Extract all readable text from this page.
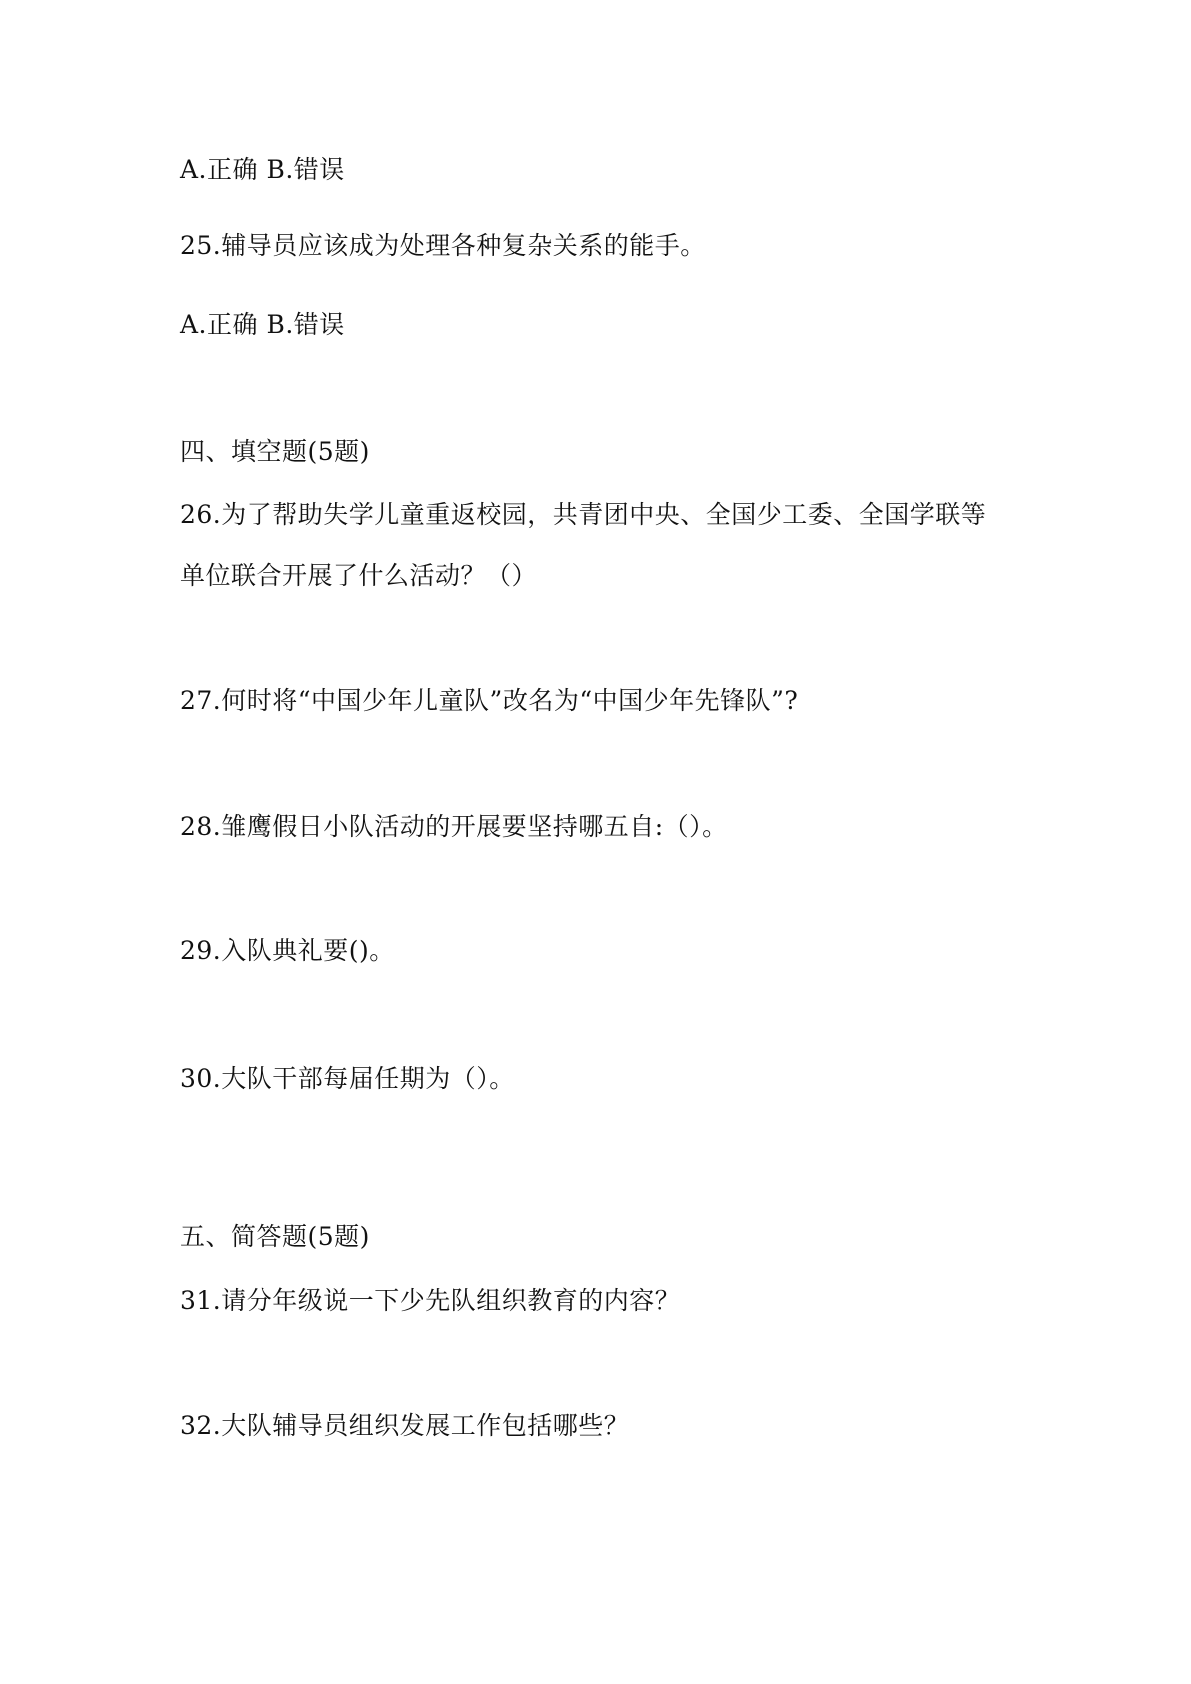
A.正确 B.错误
25.辅导员应该成为处理各种复杂关系的能手。
A.正确 B.错误
四、填空题(5题)
26.为了帮助失学儿童重返校园，共青团中央、全国少工委、全国学联等
单位联合开展了什么活动？（）
27.何时将“中国少年儿童队”改名为“中国少年先锋队”?
28.雏鹰假日小队活动的开展要坚持哪五自:（）。
29.入队典礼要()。
30.大队干部每届任期为（）。
五、简答题(5题)
31.请分年级说一下少先队组织教育的内容？
32.大队辅导员组织发展工作包括哪些？
